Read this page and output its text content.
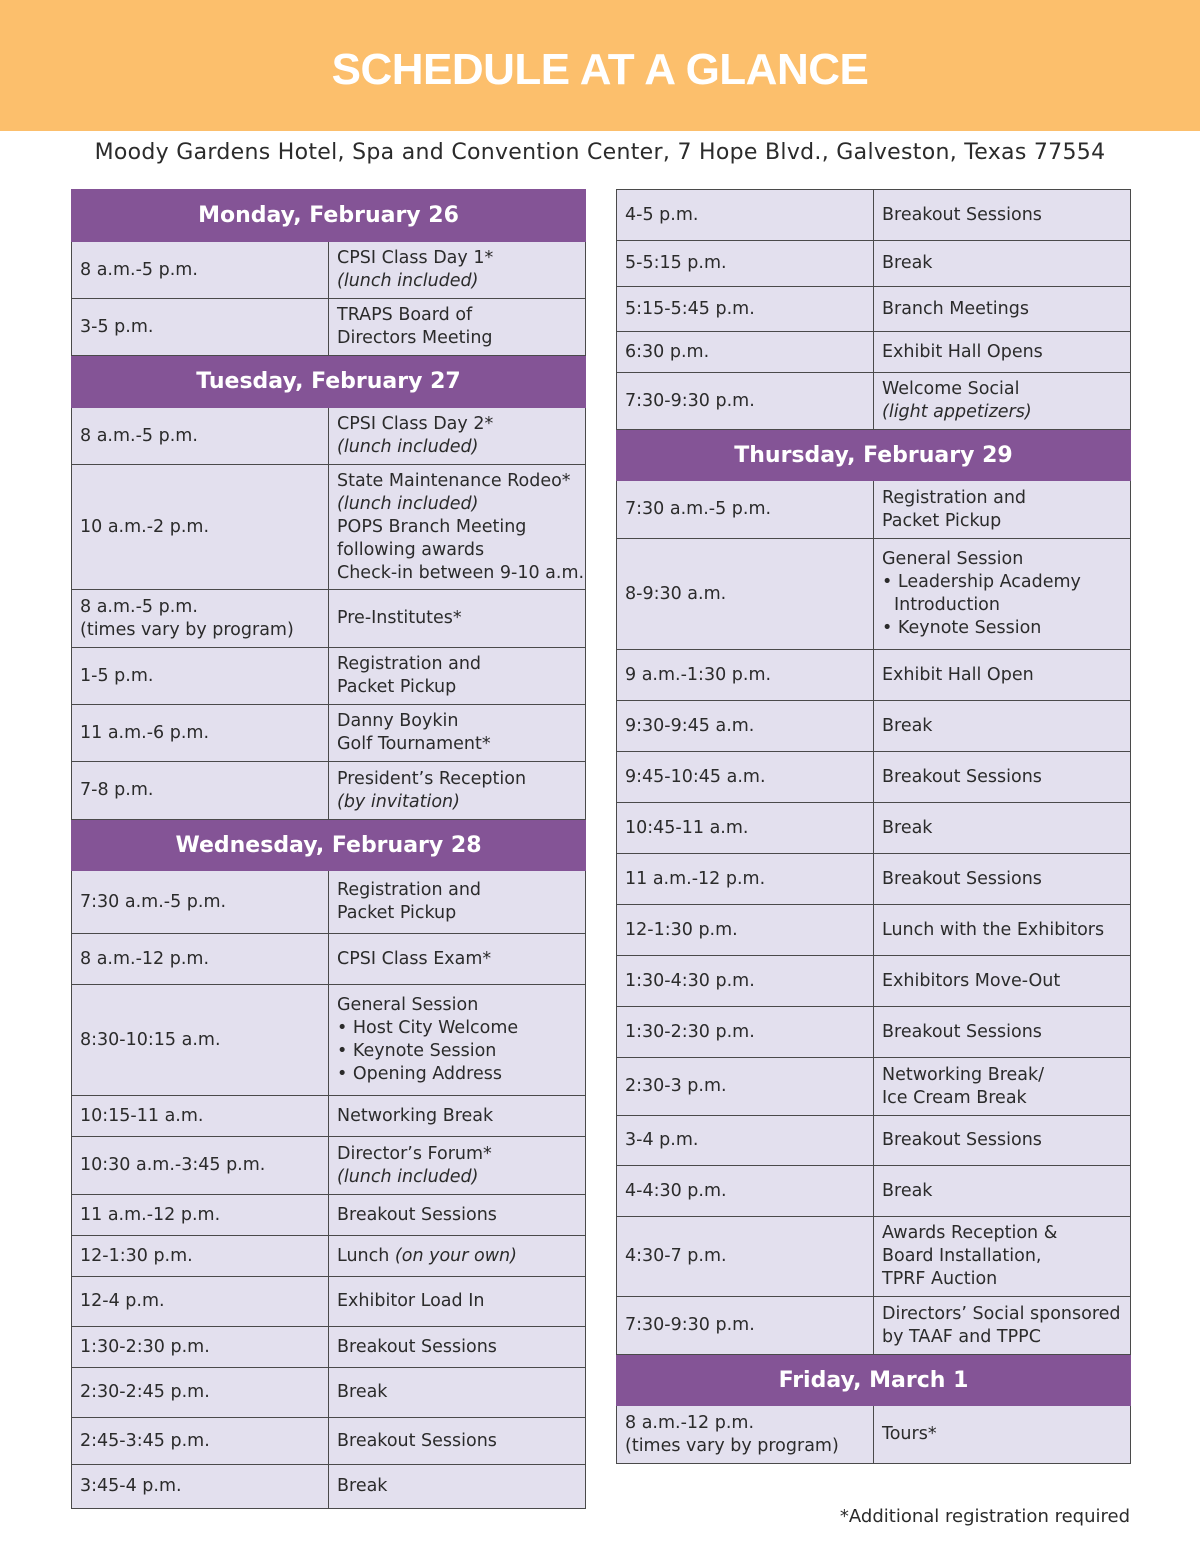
SCHEDULE AT A GLANCE
Moody Gardens Hotel, Spa and Convention Center, 7 Hope Blvd., Galveston, Texas 77554
Monday, February 26	

8 a.m.-5 p.m.	CPSI Class Day 1*
(lunch included)

3-5 p.m.	TRAPS Board of
Directors Meeting

Tuesday, February 27	

8 a.m.-5 p.m.	CPSI Class Day 2*
(lunch included)

10 a.m.-2 p.m.	State Maintenance Rodeo*
(lunch included)
POPS Branch Meeting
following awards
Check-in between 9-10 a.m.

8 a.m.-5 p.m.
(times vary by program)	Pre-Institutes*

1-5 p.m.	Registration and
Packet Pickup

11 a.m.-6 p.m.	Danny Boykin
Golf Tournament*

7-8 p.m.	President’s Reception
(by invitation)

Wednesday, February 28	

7:30 a.m.-5 p.m.	Registration and
Packet Pickup

8 a.m.-12 p.m.	CPSI Class Exam*

8:30-10:15 a.m.	General Session
• Host City Welcome
• Keynote Session
• Opening Address

10:15-11 a.m.	Networking Break

10:30 a.m.-3:45 p.m.	Director’s Forum*
(lunch included)

11 a.m.-12 p.m.	Breakout Sessions

12-1:30 p.m.	Lunch (on your own)

12-4 p.m.	Exhibitor Load In

1:30-2:30 p.m.	Breakout Sessions

2:30-2:45 p.m.	Break

2:45-3:45 p.m.	Breakout Sessions

3:45-4 p.m.	Break
4-5 p.m.	Breakout Sessions

5-5:15 p.m.	Break

5:15-5:45 p.m.	Branch Meetings

6:30 p.m.	Exhibit Hall Opens

7:30-9:30 p.m.	Welcome Social
(light appetizers)

Thursday, February 29	

7:30 a.m.-5 p.m.	Registration and
Packet Pickup

8-9:30 a.m.	General Session
• Leadership Academy
Introduction
• Keynote Session

9 a.m.-1:30 p.m.	Exhibit Hall Open

9:30-9:45 a.m.	Break

9:45-10:45 a.m.	Breakout Sessions

10:45-11 a.m.	Break

11 a.m.-12 p.m.	Breakout Sessions

12-1:30 p.m.	Lunch with the Exhibitors

1:30-4:30 p.m.	Exhibitors Move-Out

1:30-2:30 p.m.	Breakout Sessions

2:30-3 p.m.	Networking Break/
Ice Cream Break

3-4 p.m.	Breakout Sessions

4-4:30 p.m.	Break

4:30-7 p.m.	Awards Reception &
Board Installation,
TPRF Auction

7:30-9:30 p.m.	Directors’ Social sponsored
by TAAF and TPPC

Friday, March 1	

8 a.m.-12 p.m.
(times vary by program)	Tours*
*Additional registration required
